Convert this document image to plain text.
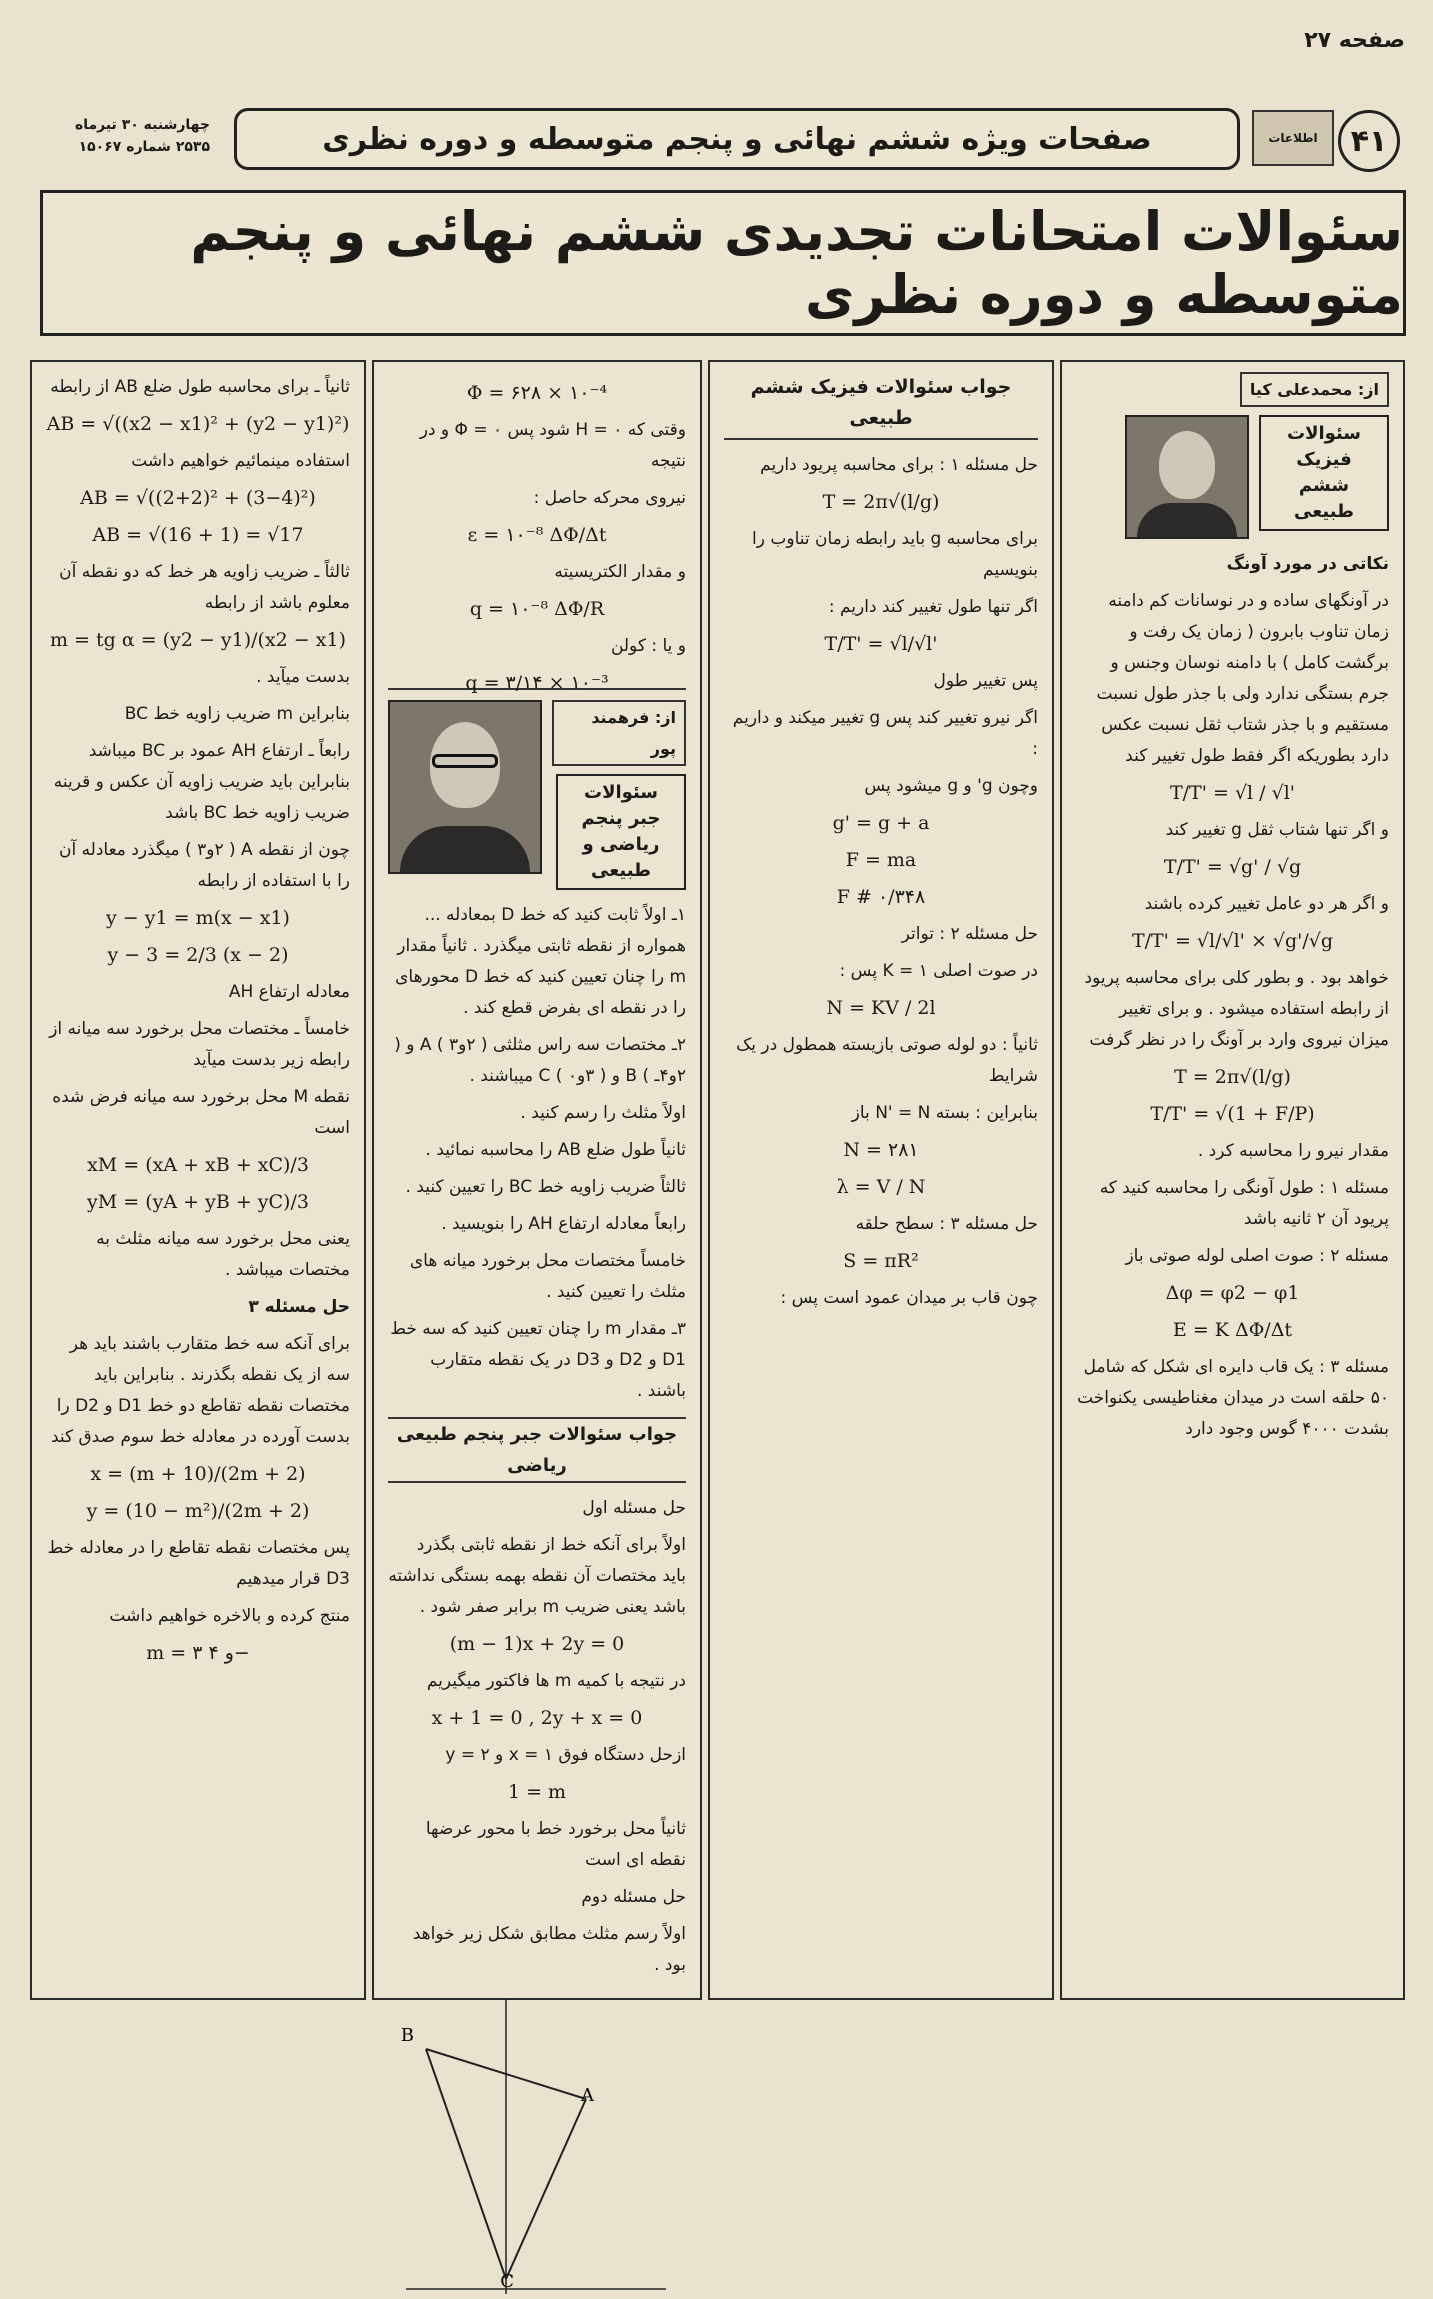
صفحه ۲۷
۴۱
اطلاعات
صفحات ویژه ششم نهائی و پنجم متوسطه و دوره نظری
چهارشنبه ۳۰ تیرماه
۲۵۳۵ شماره ۱۵۰۶۷
سئوالات امتحانات تجدیدی ششم نهائی و پنجم متوسطه و دوره نظری
از: محمدعلی کیا
سئوالات فیزیک ششم طبیعی

نکاتی در مورد آونگ

در آونگهای ساده و در نوسانات کم دامنه زمان تناوب بابرون ( زمان یک رفت و برگشت کامل ) با دامنه نوسان وجنس و جرم بستگی ندارد ولی با جذر طول نسبت مستقیم و با جذر شتاب ثقل نسبت عکس دارد بطوریکه اگر فقط طول تغییر کند

T/T' = √l / √l'

و اگر تنها شتاب ثقل g تغییر کند

T/T' = √g' / √g

و اگر هر دو عامل تغییر کرده باشند

T/T' = √l/√l' × √g'/√g

خواهد بود . و بطور کلی برای محاسبه پریود از رابطه استفاده میشود . و برای تغییر میزان نیروی وارد بر آونگ را در نظر گرفت

T = 2π√(l/g)
T/T' = √(1 + F/P)

مقدار نیرو را محاسبه کرد .

مسئله ۱ : طول آونگی را محاسبه کنید که پریود آن ۲ ثانیه باشد

مسئله ۲ : صوت اصلی لوله صوتی باز

Δφ = φ2 − φ1
E = K ΔΦ/Δt

مسئله ۳ : یک قاب دایره ای شکل که شامل ۵۰ حلقه است در میدان مغناطیسی یکنواخت بشدت ۴۰۰۰ گوس وجود دارد

جواب سئوالات فیزیک ششم طبیعی

حل مسئله ۱ : برای محاسبه پریود داریم

T = 2π√(l/g)

برای محاسبه g باید رابطه زمان تناوب را بنویسیم

اگر تنها طول تغییر کند داریم :

T/T' = √l/√l'

پس تغییر طول

اگر نیرو تغییر کند پس g تغییر میکند و داریم :

وچون g' و g میشود پس

g' = g + a
F = ma
F # ۰/۳۴۸

حل مسئله ۲ : تواتر

در صوت اصلی ۱ = K پس :

N = KV / 2l

ثانیاً : دو لوله صوتی بازیسته همطول در یک شرایط

بنابراین : بسته N' = N باز

N = ۲۸۱
λ = V / N

حل مسئله ۳ : سطح حلقه

S = πR²

چون قاب بر میدان عمود است پس :

Φ = ۶۲۸ × ۱۰⁻⁴

وقتی که ۰ = H شود پس ۰ = Φ و در نتیجه

نیروی محرکه حاصل :

ε = ۱۰⁻⁸ ΔΦ/Δt

و مقدار الکتریسیته

q = ۱۰⁻⁸ ΔΦ/R

و یا : کولن

q = ۳/۱۴ × ۱۰⁻³
از: فرهمند پور
سئوالات جبر پنجم ریاضی و طبیعی

۱ـ اولاً ثابت کنید که خط D بمعادله ... همواره از نقطه ثابتی میگذرد . ثانیاً مقدار m را چنان تعیین کنید که خط D محورهای را در نقطه ای بفرض قطع کند .

۲ـ مختصات سه راس مثلثی ( ۲و۳ ) A و ( ۲و۴ـ ) B و ( ۳و۰ ) C میباشند .

اولاً مثلث را رسم کنید .

ثانیاً طول ضلع AB را محاسبه نمائید .

ثالثاً ضریب زاویه خط BC را تعیین کنید .

رابعاً معادله ارتفاع AH را بنویسید .

خامساً مختصات محل برخورد میانه های مثلث را تعیین کنید .

۳ـ مقدار m را چنان تعیین کنید که سه خط D1 و D2 و D3 در یک نقطه متقارب باشند .

جواب سئوالات جبر پنجم طبیعی ریاضی

حل مسئله اول

اولاً برای آنکه خط از نقطه ثابتی بگذرد باید مختصات آن نقطه بهمه بستگی نداشته باشد یعنی ضریب m برابر صفر شود .

(m − 1)x + 2y = 0

در نتیجه با کمیه m ها فاکتور میگیریم

x + 1 = 0 , 2y + x = 0

ازحل دستگاه فوق ۱ = x و ۲ = y

1 = m

ثانیاً محل برخورد خط با محور عرضها نقطه ای است

حل مسئله دوم

اولاً رسم مثلث مطابق شکل زیر خواهد بود .

B
A
C

ثانیاً ـ برای محاسبه طول ضلع AB از رابطه

AB = √((x2 − x1)² + (y2 − y1)²)

استفاده مینمائیم خواهیم داشت

AB = √((2+2)² + (3−4)²)
AB = √(16 + 1) = √17

ثالثاً ـ ضریب زاویه هر خط که دو نقطه آن معلوم باشد از رابطه

m = tg α = (y2 − y1)/(x2 − x1)

بدست میآید .

بنابراین m ضریب زاویه خط BC

رابعاً ـ ارتفاع AH عمود بر BC میباشد بنابراین باید ضریب زاویه آن عکس و قرینه ضریب زاویه خط BC باشد

چون از نقطه A ( ۲و۳ ) میگذرد معادله آن را با استفاده از رابطه

y − y1 = m(x − x1)
y − 3 = 2/3 (x − 2)

معادله ارتفاع AH

خامساً ـ مختصات محل برخورد سه میانه از رابطه زیر بدست میآید

نقطه M محل برخورد سه میانه فرض شده است

xM = (xA + xB + xC)/3
yM = (yA + yB + yC)/3

یعنی محل برخورد سه میانه مثلث به مختصات میباشد .

حل مسئله ۳

برای آنکه سه خط متقارب باشند باید هر سه از یک نقطه بگذرند . بنابراین باید مختصات نقطه تقاطع دو خط D1 و D2 را بدست آورده در معادله خط سوم صدق کند

x = (m + 10)/(2m + 2)
y = (10 − m²)/(2m + 2)

پس مختصات نقطه تقاطع را در معادله خط D3 قرار میدهیم

منتج کرده و بالاخره خواهیم داشت

m = ۳ و ۴−
